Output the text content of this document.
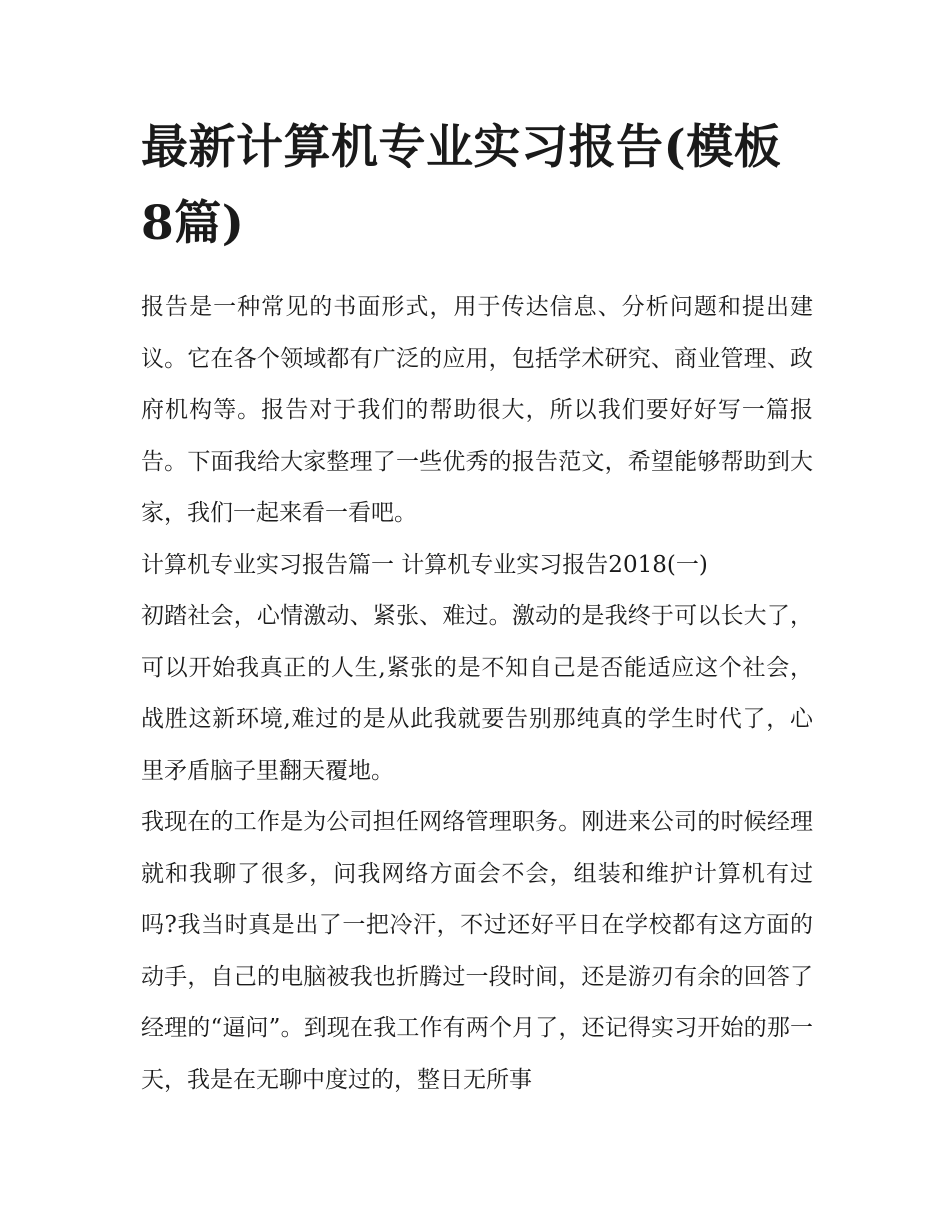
最新计算机专业实习报告(模板8篇)

报告是一种常见的书面形式，用于传达信息、分析问题和提出建议。它在各个领域都有广泛的应用，包括学术研究、商业管理、政府机构等。报告对于我们的帮助很大，所以我们要好好写一篇报告。下面我给大家整理了一些优秀的报告范文，希望能够帮助到大家，我们一起来看一看吧。

计算机专业实习报告篇一 计算机专业实习报告2018(一)

初踏社会，心情激动、紧张、难过。激动的是我终于可以长大了，可以开始我真正的人生,紧张的是不知自己是否能适应这个社会，战胜这新环境,难过的是从此我就要告别那纯真的学生时代了，心里矛盾脑子里翻天覆地。

我现在的工作是为公司担任网络管理职务。刚进来公司的时候经理就和我聊了很多，问我网络方面会不会，组装和维护计算机有过吗?我当时真是出了一把冷汗，不过还好平日在学校都有这方面的动手，自己的电脑被我也折腾过一段时间，还是游刃有余的回答了经理的“逼问”。到现在我工作有两个月了，还记得实习开始的那一天，我是在无聊中度过的，整日无所事
